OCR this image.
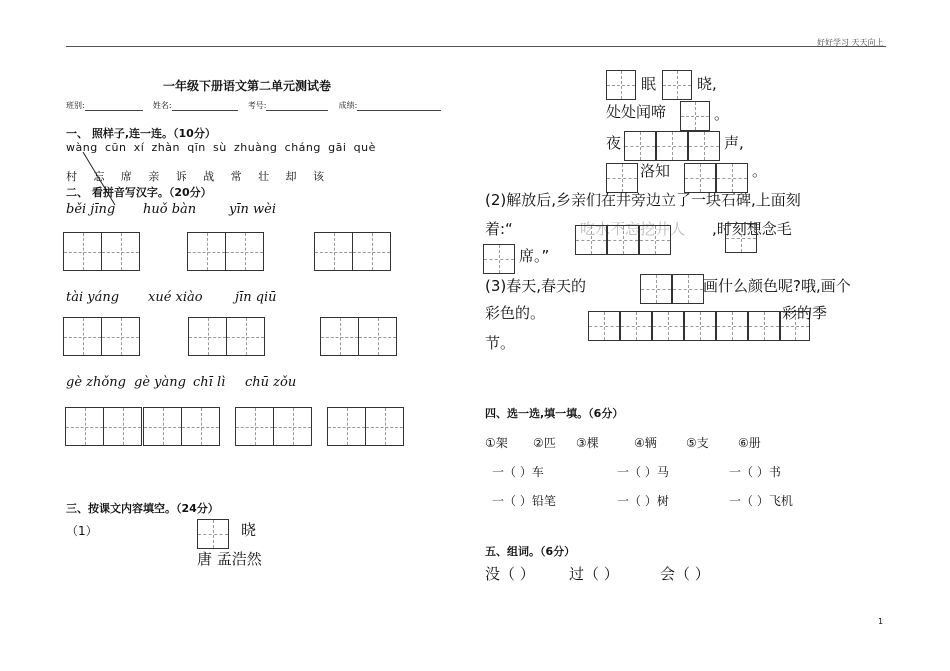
好好学习 天天向上
一年级下册语文第二单元测试卷
班别:	姓名:	考号:	成绩:
一、 照样子,连一连。（10分）
wàng cūn xí zhàn qīn sù zhuàng cháng gāi què
村 忘 席 亲 诉 战 常 壮 却 该
二、 看拼音写汉字。（20分）
běi jīng huǒ bàn	yīn wèi
tài yáng xué xiào jīn qiū
gè zhǒng gè yàng chī lì chū zǒu
三、按课文内容填空。（24分）
（1）	晓
唐 孟浩然
眠	晓,
处处闻啼	。
夜	声,
洛知	。
(2)解放后,乡亲们在井旁边立了一块石碑,上面刻
着:“	吃水不忘挖井人 ,时刻想念毛
席。”
(3)春天,春天的	画什么颜色呢?哦,画个
彩色的。	彩的季
节。
四、选一选,填一填。（6分）
①架 ②匹 ③棵	④辆 ⑤支 ⑥册
一（ ）车	一（ ）马	一（ ）书
一（ ）铅笔	一（ ）树	一（ ）飞机
五、组词。（6分）
没（ ） 过（ ）	会（ ）
1
